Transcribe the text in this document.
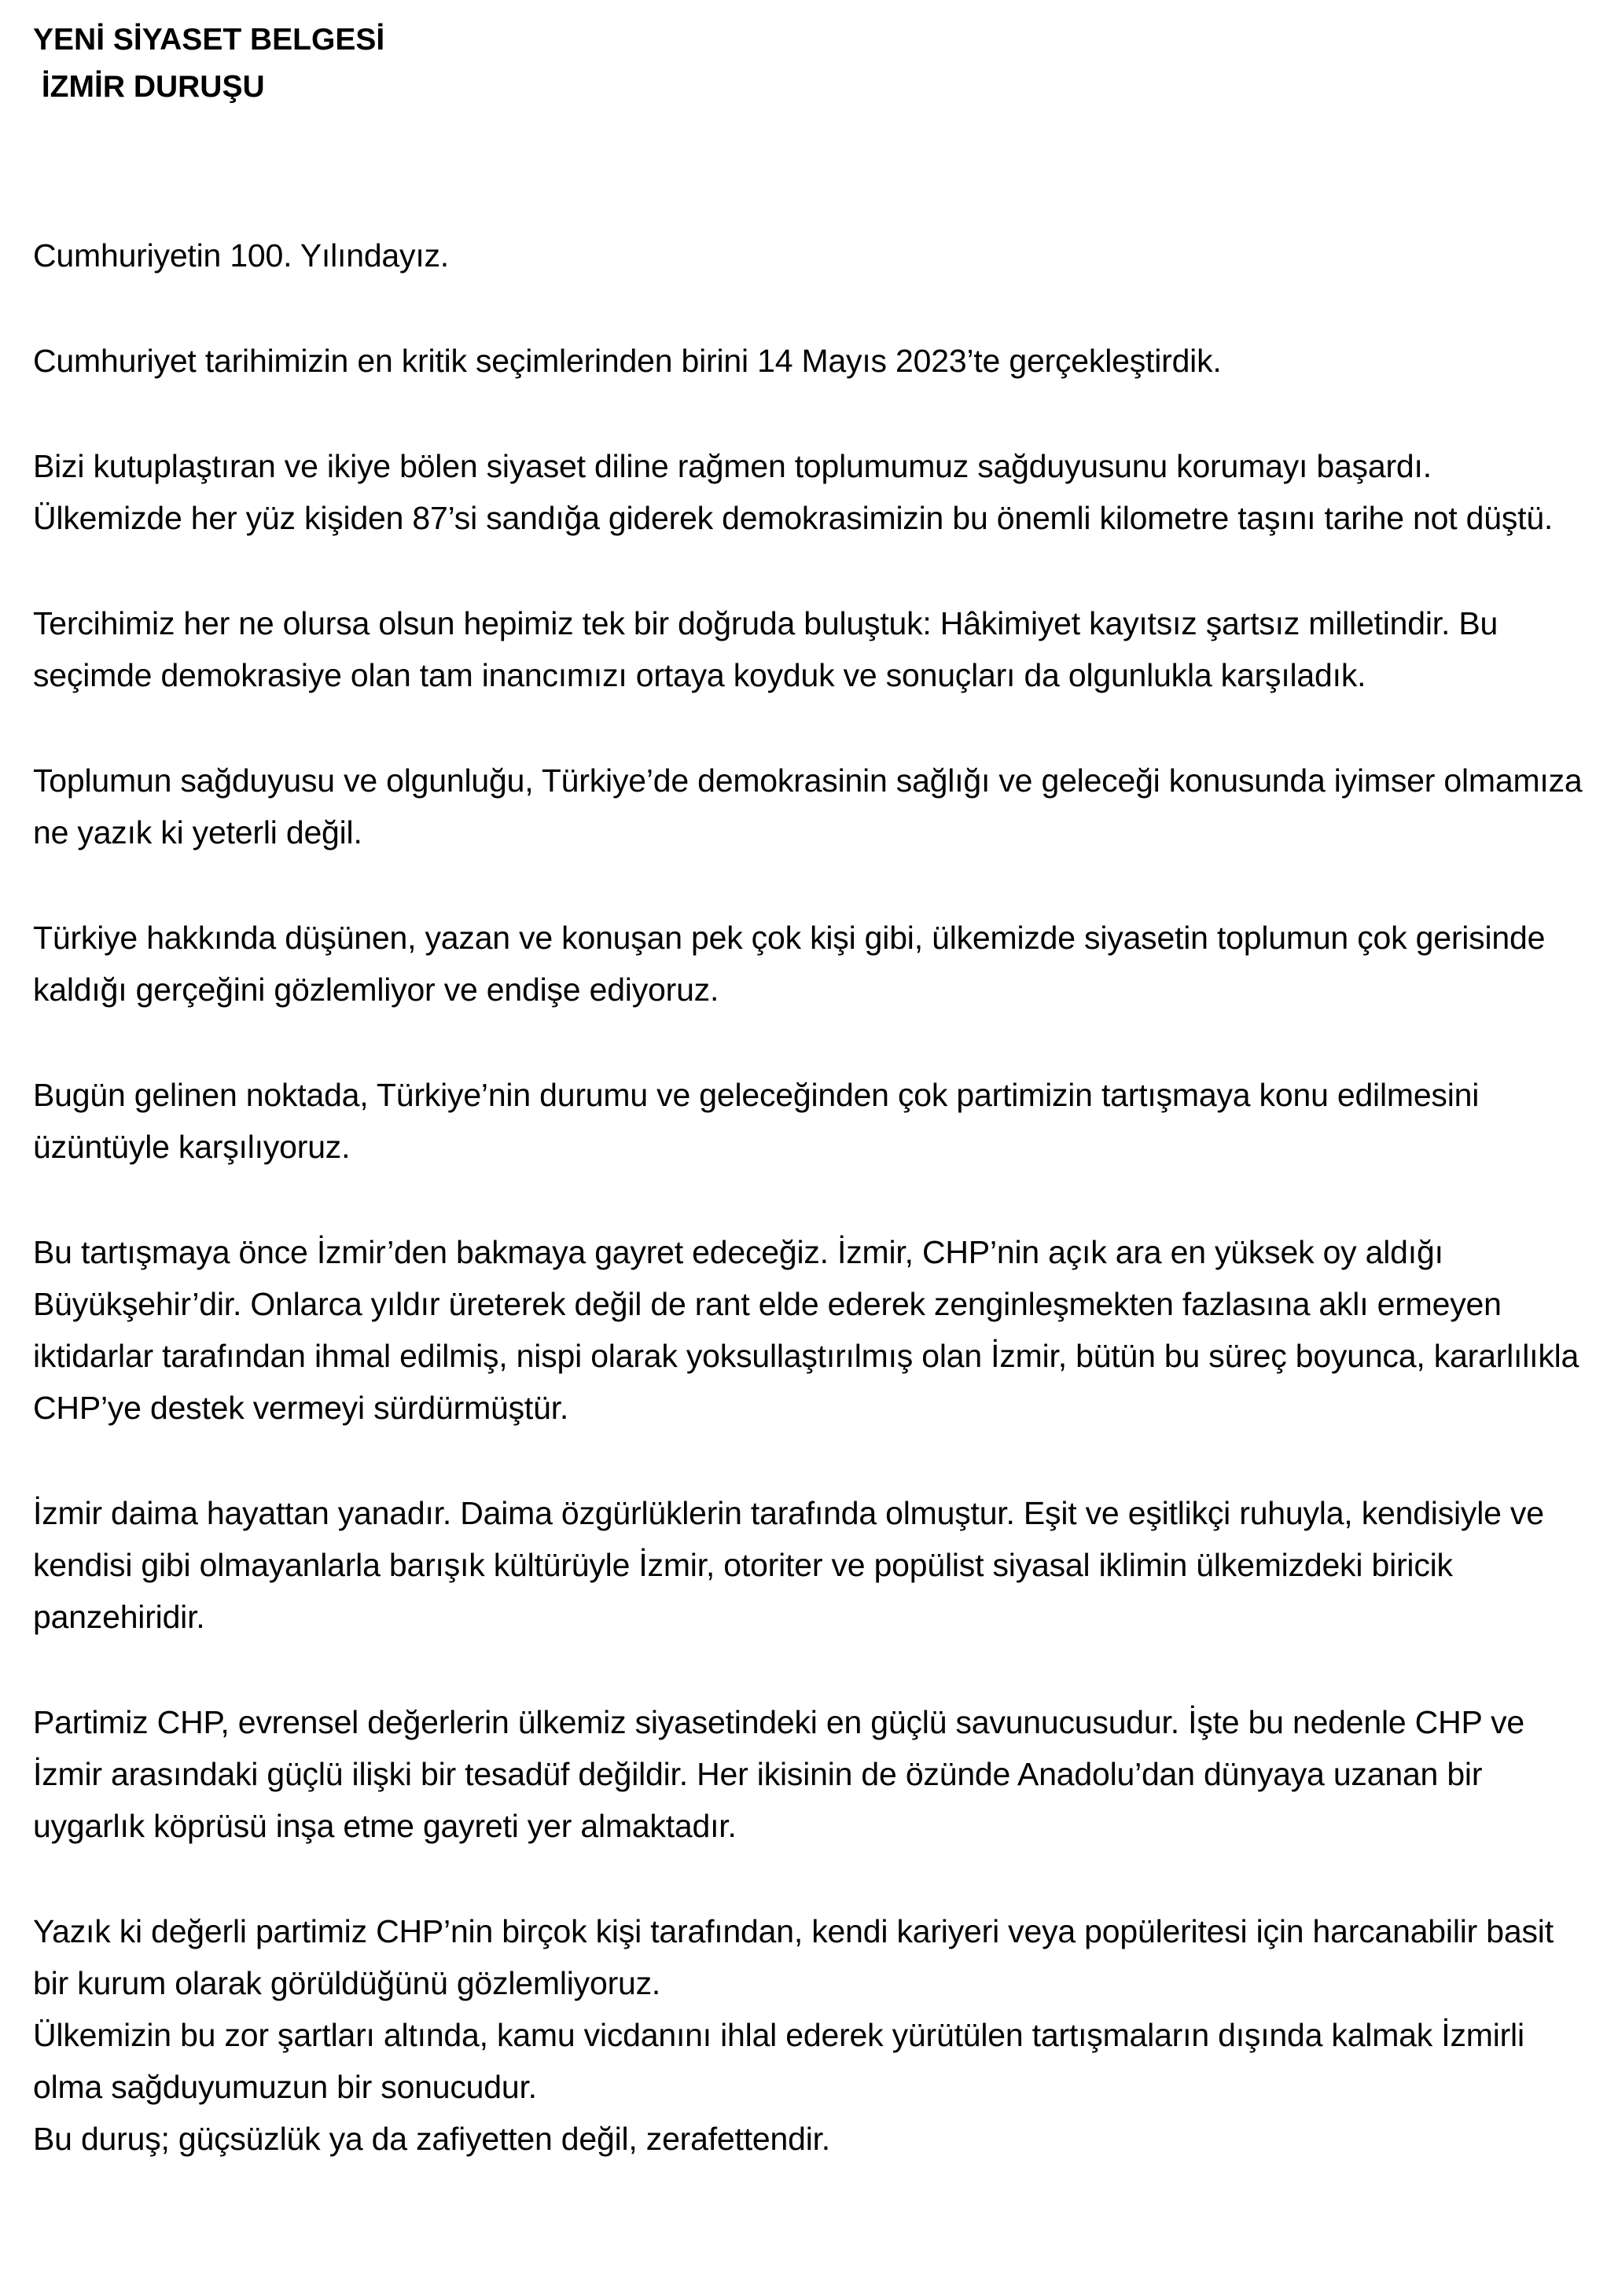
YENİ SİYASET BELGESİ
İZMİR DURUŞU

Cumhuriyetin 100. Yılındayız.

Cumhuriyet tarihimizin en kritik seçimlerinden birini 14 Mayıs 2023’te gerçekleştirdik.

Bizi kutuplaştıran ve ikiye bölen siyaset diline rağmen toplumumuz sağduyusunu korumayı başardı. Ülkemizde her yüz kişiden 87’si sandığa giderek demokrasimizin bu önemli kilometre taşını tarihe not düştü.

Tercihimiz her ne olursa olsun hepimiz tek bir doğruda buluştuk: Hâkimiyet kayıtsız şartsız milletindir. Bu seçimde demokrasiye olan tam inancımızı ortaya koyduk ve sonuçları da olgunlukla karşıladık.

Toplumun sağduyusu ve olgunluğu, Türkiye’de demokrasinin sağlığı ve geleceği konusunda iyimser olmamıza ne yazık ki yeterli değil.

Türkiye hakkında düşünen, yazan ve konuşan pek çok kişi gibi, ülkemizde siyasetin toplumun çok gerisinde kaldığı gerçeğini gözlemliyor ve endişe ediyoruz.

Bugün gelinen noktada, Türkiye’nin durumu ve geleceğinden çok partimizin tartışmaya konu edilmesini üzüntüyle karşılıyoruz.

Bu tartışmaya önce İzmir’den bakmaya gayret edeceğiz. İzmir, CHP’nin açık ara en yüksek oy aldığı Büyükşehir’dir. Onlarca yıldır üreterek değil de rant elde ederek zenginleşmekten fazlasına aklı ermeyen iktidarlar tarafından ihmal edilmiş, nispi olarak yoksullaştırılmış olan İzmir, bütün bu süreç boyunca, kararlılıkla CHP’ye destek vermeyi sürdürmüştür.

İzmir daima hayattan yanadır. Daima özgürlüklerin tarafında olmuştur. Eşit ve eşitlikçi ruhuyla, kendisiyle ve kendisi gibi olmayanlarla barışık kültürüyle İzmir, otoriter ve popülist siyasal iklimin ülkemizdeki biricik panzehiridir.

Partimiz CHP, evrensel değerlerin ülkemiz siyasetindeki en güçlü savunucusudur. İşte bu nedenle CHP ve İzmir arasındaki güçlü ilişki bir tesadüf değildir. Her ikisinin de özünde Anadolu’dan dünyaya uzanan bir uygarlık köprüsü inşa etme gayreti yer almaktadır.

Yazık ki değerli partimiz CHP’nin birçok kişi tarafından, kendi kariyeri veya popüleritesi için harcanabilir basit bir kurum olarak görüldüğünü gözlemliyoruz.

Ülkemizin bu zor şartları altında, kamu vicdanını ihlal ederek yürütülen tartışmaların dışında kalmak İzmirli olma sağduyumuzun bir sonucudur.

Bu duruş; güçsüzlük ya da zafiyetten değil, zerafettendir.
